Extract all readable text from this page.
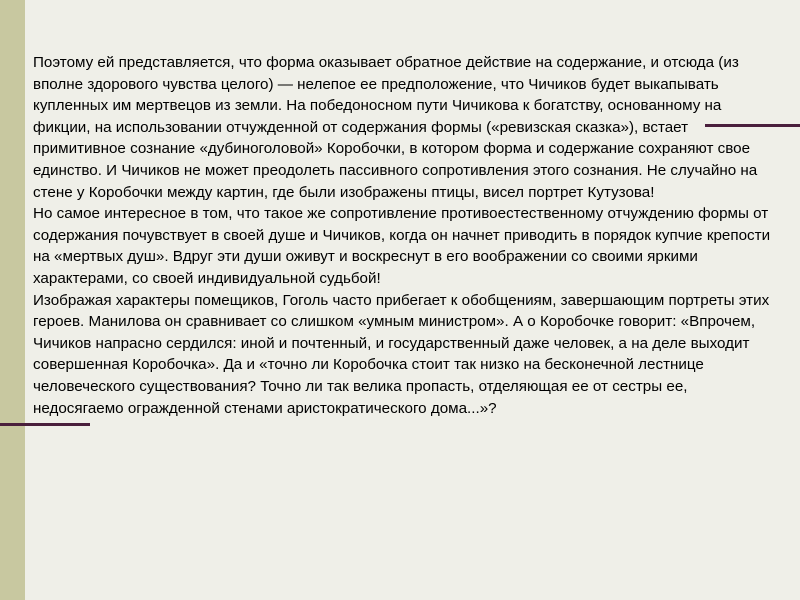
Поэтому ей представляется, что форма оказывает обратное действие на содержание, и отсюда (из вполне здорового чувства целого) — нелепое ее предположение, что Чичиков будет выкапывать купленных им мертвецов из земли. На победоносном пути Чичикова к богатству, основанному на фикции, на использовании отчужденной от содержания формы («ревизская сказка»), встает примитивное сознание «дубиноголовой» Коробочки, в котором форма и содержание сохраняют свое единство. И Чичиков не может преодолеть пассивного сопротивления этого сознания. Не случайно на стене у Коробочки между картин, где были изображены птицы, висел портрет Кутузова!

Но самое интересное в том, что такое же сопротивление противоестественному отчуждению формы от содержания почувствует в своей душе и Чичиков, когда он начнет приводить в порядок купчие крепости на «мертвых душ». Вдруг эти души оживут и воскреснут в его воображении со своими яркими характерами, со своей индивидуальной судьбой!

Изображая характеры помещиков, Гоголь часто прибегает к обобщениям, завершающим портреты этих героев. Манилова он сравнивает со слишком «умным министром». А о Коробочке говорит: «Впрочем, Чичиков напрасно сердился: иной и почтенный, и государственный даже человек, а на деле выходит совершенная Коробочка». Да и «точно ли Коробочка стоит так низко на бесконечной лестнице человеческого существования? Точно ли так велика пропасть, отделяющая ее от сестры ее, недосягаемо огражденной стенами аристократического дома...»?
